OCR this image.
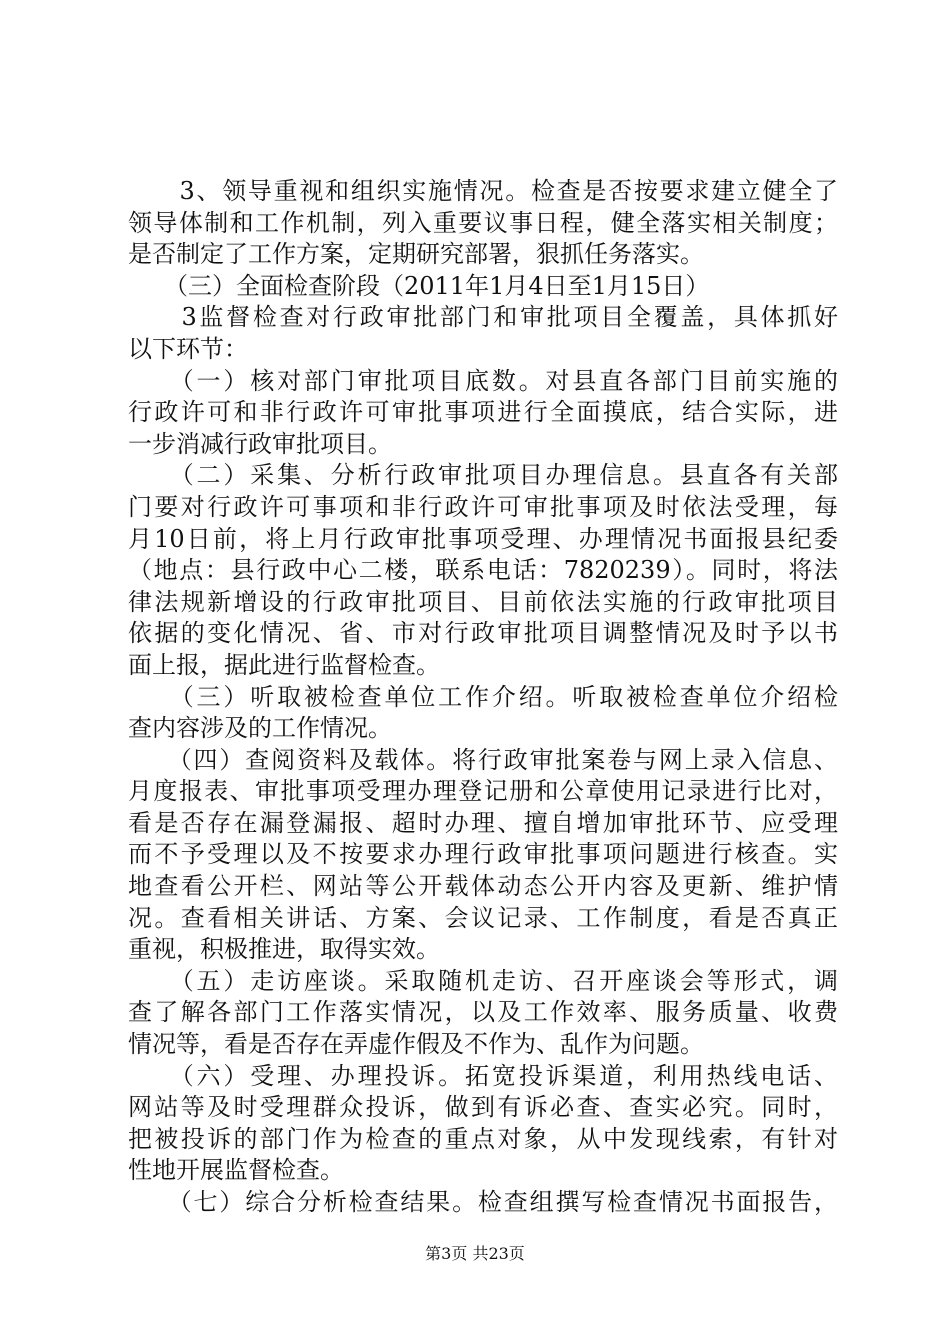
　　3、领导重视和组织实施情况。检查是否按要求建立健全了
领导体制和工作机制，列入重要议事日程，健全落实相关制度；
是否制定了工作方案，定期研究部署，狠抓任务落实。
　　（三）全面检查阶段（2011年1月4日至1月15日）
　　3监督检查对行政审批部门和审批项目全覆盖，具体抓好
以下环节：
　　（一）核对部门审批项目底数。对县直各部门目前实施的
行政许可和非行政许可审批事项进行全面摸底，结合实际，进
一步消减行政审批项目。
　　（二）采集、分析行政审批项目办理信息。县直各有关部
门要对行政许可事项和非行政许可审批事项及时依法受理，每
月10日前，将上月行政审批事项受理、办理情况书面报县纪委
（地点：县行政中心二楼，联系电话：7820239）。同时，将法
律法规新增设的行政审批项目、目前依法实施的行政审批项目
依据的变化情况、省、市对行政审批项目调整情况及时予以书
面上报，据此进行监督检查。
　　（三）听取被检查单位工作介绍。听取被检查单位介绍检
查内容涉及的工作情况。
　　（四）查阅资料及载体。将行政审批案卷与网上录入信息、
月度报表、审批事项受理办理登记册和公章使用记录进行比对，
看是否存在漏登漏报、超时办理、擅自增加审批环节、应受理
而不予受理以及不按要求办理行政审批事项问题进行核查。实
地查看公开栏、网站等公开载体动态公开内容及更新、维护情
况。查看相关讲话、方案、会议记录、工作制度，看是否真正
重视，积极推进，取得实效。
　　（五）走访座谈。采取随机走访、召开座谈会等形式，调
查了解各部门工作落实情况，以及工作效率、服务质量、收费
情况等，看是否存在弄虚作假及不作为、乱作为问题。
　　（六）受理、办理投诉。拓宽投诉渠道，利用热线电话、
网站等及时受理群众投诉，做到有诉必查、查实必究。同时，
把被投诉的部门作为检查的重点对象，从中发现线索，有针对
性地开展监督检查。
　　（七）综合分析检查结果。检查组撰写检查情况书面报告，
第3页 共23页
